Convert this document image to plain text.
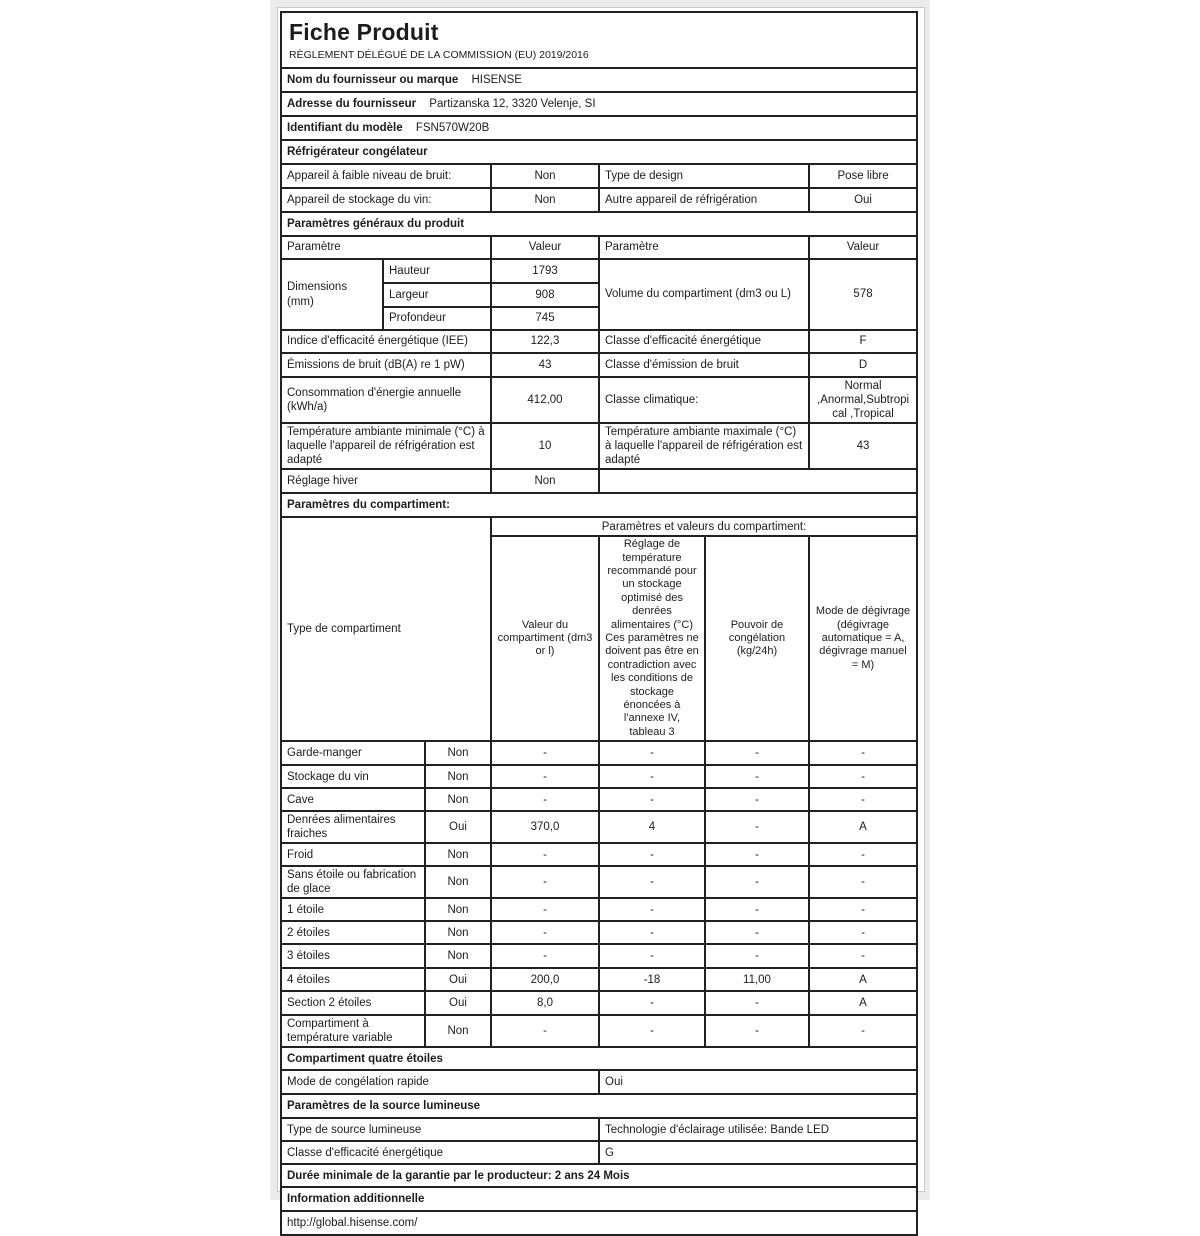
Fiche Produit
RÈGLEMENT DÉLÉGUÉ DE LA COMMISSION (EU) 2019/2016

Nom du fournisseur ou marque HISENSE
Adresse du fournisseur Partizanska 12, 3320 Velenje, SI
Identifiant du modèle FSN570W20B
Réfrigérateur congélateur			
Appareil à faible niveau de bruit:	Non	Type de design	Pose libre
Appareil de stockage du vin:	Non	Autre appareil de réfrigération	Oui
Paramètres généraux du produit				
Paramètre		Valeur	Paramètre	Valeur
Dimensions (mm)	Hauteur	1793	Volume du compartiment (dm3 ou L)	578
	Largeur	908		
	Profondeur	745		
Indice d'efficacité énergétique (IEE)		122,3	Classe d'efficacité énergétique	F
Émissions de bruit (dB(A) re 1 pW)		43	Classe d'émission de bruit	D
Consommation d'énergie annuelle (kWh/a)		412,00	Classe climatique:	Normal ,Anormal,Subtropical ,Tropical
Température ambiante minimale (°C) à laquelle l'appareil de réfrigération est adapté		10	Température ambiante maximale (°C) à laquelle l'appareil de réfrigération est adapté	43
Réglage hiver		Non		
Paramètres du compartiment:					
Type de compartiment		Paramètres et valeurs du compartiment:			
		Valeur du compartiment (dm3 or l)	Réglage de température recommandé pour un stockage optimisé des denrées alimentaires (°C) Ces paramètres ne doivent pas être en contradiction avec les conditions de stockage énoncées à l'annexe IV, tableau 3	Pouvoir de congélation (kg/24h)	Mode de dégivrage (dégivrage automatique = A, dégivrage manuel = M)
Garde-manger	Non	-	-	-	-
Stockage du vin	Non	-	-	-	-
Cave	Non	-	-	-	-
Denrées alimentaires fraiches	Oui	370,0	4	-	A
Froid	Non	-	-	-	-
Sans étoile ou fabrication de glace	Non	-	-	-	-
1 étoile	Non	-	-	-	-
2 étoiles	Non	-	-	-	-
3 étoiles	Non	-	-	-	-
4 étoiles	Oui	200,0	-18	11,00	A
Section 2 étoiles	Oui	8,0	-	-	A
Compartiment à température variable	Non	-	-	-	-
Compartiment quatre étoiles
Mode de congélation rapide	Oui
Paramètres de la source lumineuse	
Type de source lumineuse	Technologie d'éclairage utilisée: Bande LED
Classe d'efficacité énergétique	G
Durée minimale de la garantie par le producteur: 2 ans 24 Mois
Information additionnelle
http://global.hisense.com/
